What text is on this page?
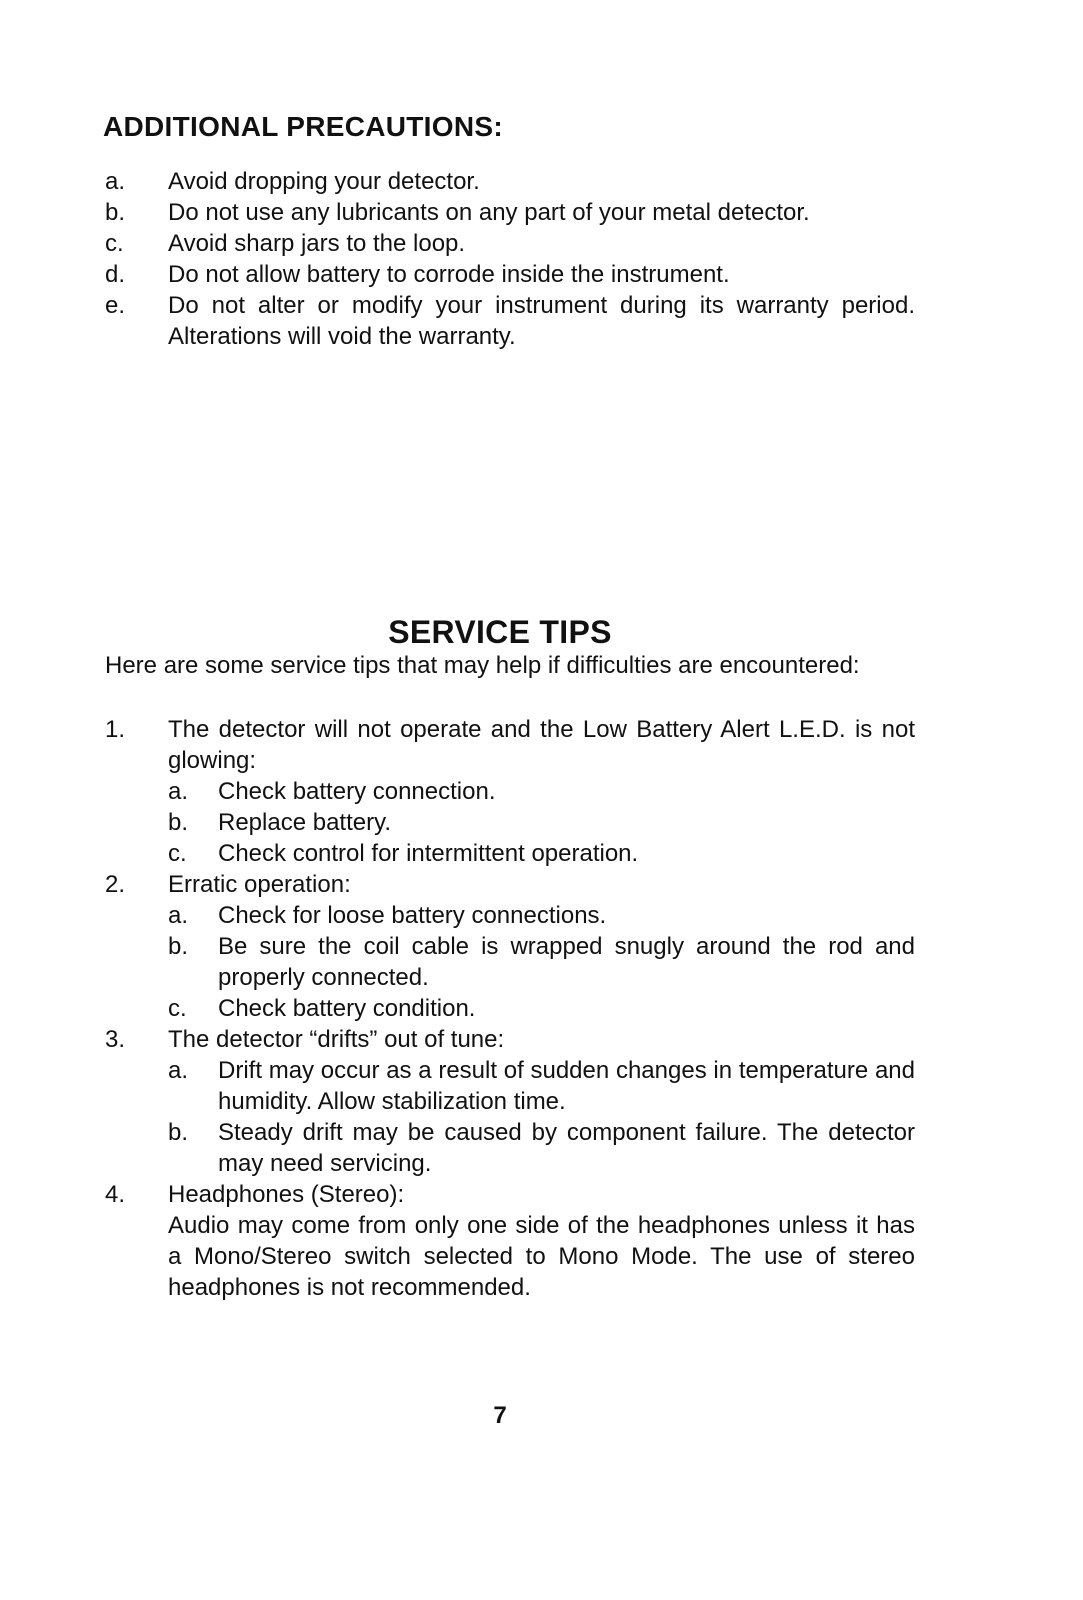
ADDITIONAL PRECAUTIONS:
a. Avoid dropping your detector.
b. Do not use any lubricants on any part of your metal detector.
c. Avoid sharp jars to the loop.
d. Do not allow battery to corrode inside the instrument.
e. Do not alter or modify your instrument during its warranty period. Alterations will void the warranty.
SERVICE TIPS

Here are some service tips that may help if difficulties are encountered:

1. The detector will not operate and the Low Battery Alert L.E.D. is not glowing:
a. Check battery connection.
b. Replace battery.
c. Check control for intermittent operation.
2. Erratic operation:
a. Check for loose battery connections.
b. Be sure the coil cable is wrapped snugly around the rod and properly connected.
c. Check battery condition.
3. The detector “drifts” out of tune:
a. Drift may occur as a result of sudden changes in temperature and humidity. Allow stabilization time.
b. Steady drift may be caused by component failure. The detector may need servicing.
4. Headphones (Stereo):
Audio may come from only one side of the headphones unless it has a Mono/Stereo switch selected to Mono Mode. The use of stereo headphones is not recommended.
7
